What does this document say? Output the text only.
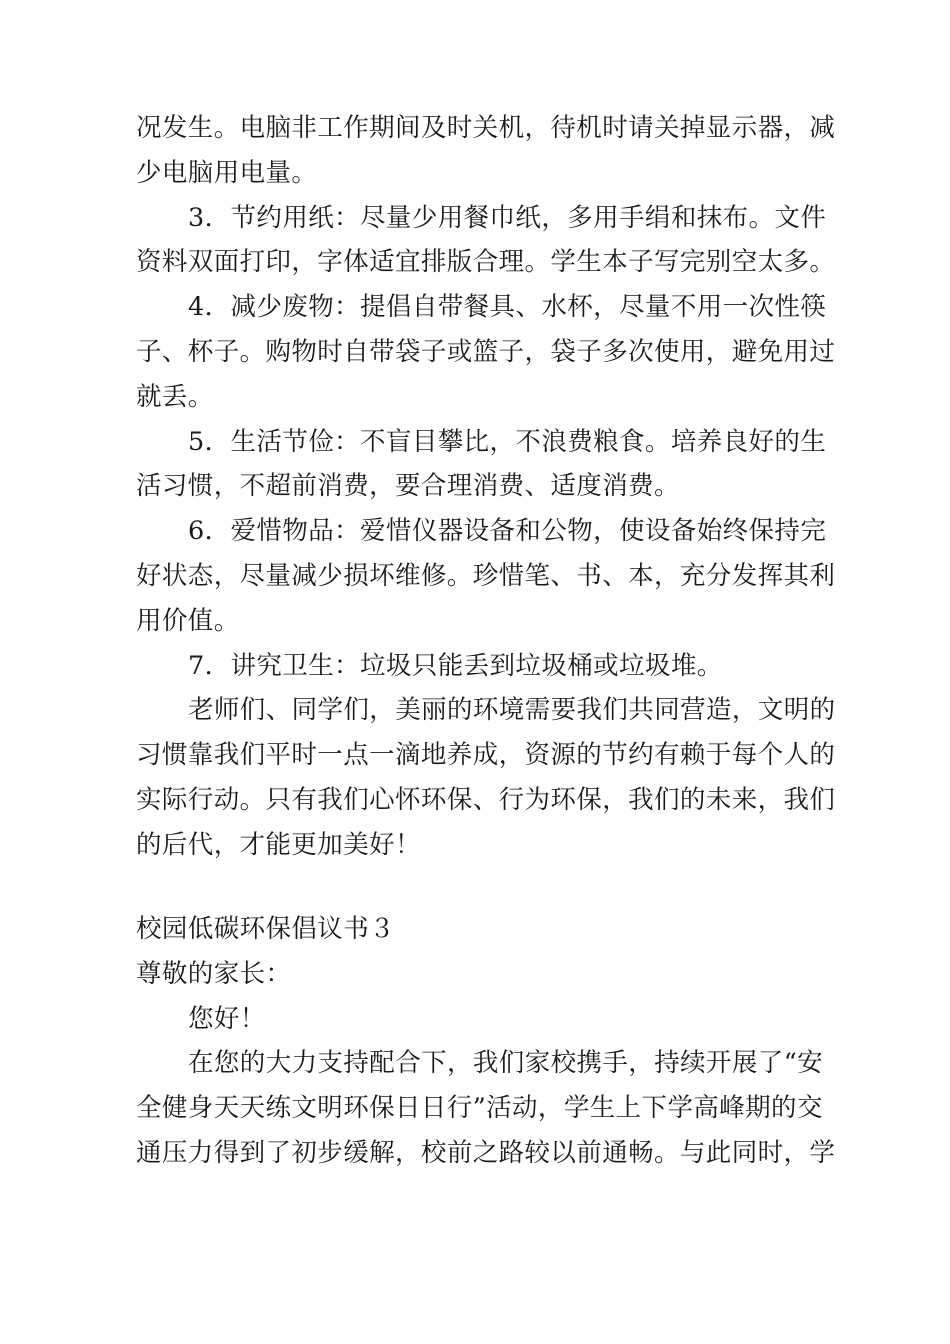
况发生。电脑非工作期间及时关机，待机时请关掉显示器，减
少电脑用电量。
3．节约用纸：尽量少用餐巾纸，多用手绢和抹布。文件
资料双面打印，字体适宜排版合理。学生本子写完别空太多。
4．减少废物：提倡自带餐具、水杯，尽量不用一次性筷
子、杯子。购物时自带袋子或篮子，袋子多次使用，避免用过
就丢。
5．生活节俭：不盲目攀比，不浪费粮食。培养良好的生
活习惯，不超前消费，要合理消费、适度消费。
6．爱惜物品：爱惜仪器设备和公物，使设备始终保持完
好状态，尽量减少损坏维修。珍惜笔、书、本，充分发挥其利
用价值。
7．讲究卫生：垃圾只能丢到垃圾桶或垃圾堆。
老师们、同学们，美丽的环境需要我们共同营造，文明的
习惯靠我们平时一点一滴地养成，资源的节约有赖于每个人的
实际行动。只有我们心怀环保、行为环保，我们的未来，我们
的后代，才能更加美好！
校园低碳环保倡议书３
尊敬的家长：
您好！
在您的大力支持配合下，我们家校携手，持续开展了“安
全健身天天练文明环保日日行”活动，学生上下学高峰期的交
通压力得到了初步缓解，校前之路较以前通畅。与此同时，学
